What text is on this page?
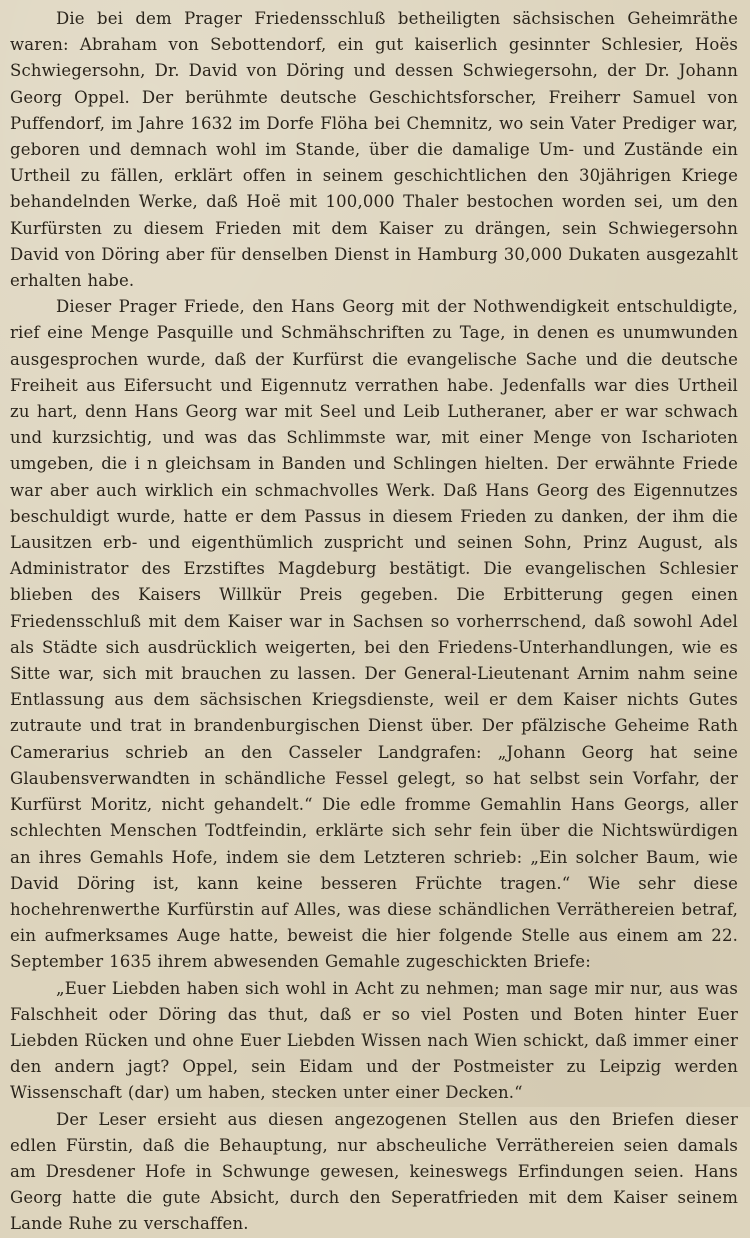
Die bei dem Prager Friedensschluß betheiligten sächsischen Geheimräthe waren: Abraham von Sebottendorf, ein gut kaiserlich gesinnter Schlesier, Hoës Schwiegersohn, Dr. David von Döring und dessen Schwiegersohn, der Dr. Johann Georg Oppel. Der berühmte deutsche Geschichtsforscher, Freiherr Samuel von Puffendorf, im Jahre 1632 im Dorfe Flöha bei Chemnitz, wo sein Vater Prediger war, geboren und demnach wohl im Stande, über die damalige Um- und Zustände ein Urtheil zu fällen, erklärt offen in seinem geschichtlichen den 30jährigen Kriege behandelnden Werke, daß Hoë mit 100,000 Thaler bestochen worden sei, um den Kurfürsten zu diesem Frieden mit dem Kaiser zu drängen, sein Schwiegersohn David von Döring aber für denselben Dienst in Hamburg 30,000 Dukaten ausgezahlt erhalten habe.

Dieser Prager Friede, den Hans Georg mit der Nothwendigkeit entschuldigte, rief eine Menge Pasquille und Schmähschriften zu Tage, in denen es unumwunden ausgesprochen wurde, daß der Kurfürst die evangelische Sache und die deutsche Freiheit aus Eifersucht und Eigennutz verrathen habe. Jedenfalls war dies Urtheil zu hart, denn Hans Georg war mit Seel und Leib Lutheraner, aber er war schwach und kurzsichtig, und was das Schlimmste war, mit einer Menge von Ischarioten umgeben, die i n gleichsam in Banden und Schlingen hielten. Der erwähnte Friede war aber auch wirklich ein schmachvolles Werk. Daß Hans Georg des Eigennutzes beschuldigt wurde, hatte er dem Passus in diesem Frieden zu danken, der ihm die Lausitzen erb- und eigenthümlich zuspricht und seinen Sohn, Prinz August, als Administrator des Erzstiftes Magdeburg bestätigt. Die evangelischen Schlesier blieben des Kaisers Willkür Preis gegeben. Die Erbitterung gegen einen Friedensschluß mit dem Kaiser war in Sachsen so vorherrschend, daß sowohl Adel als Städte sich ausdrücklich weigerten, bei den Friedens-Unterhandlungen, wie es Sitte war, sich mit brauchen zu lassen. Der General-Lieutenant Arnim nahm seine Entlassung aus dem sächsischen Kriegsdienste, weil er dem Kaiser nichts Gutes zutraute und trat in brandenburgischen Dienst über. Der pfälzische Geheime Rath Camerarius schrieb an den Casseler Landgrafen: „Johann Georg hat seine Glaubensverwandten in schändliche Fessel gelegt, so hat selbst sein Vorfahr, der Kurfürst Moritz, nicht gehandelt.“ Die edle fromme Gemahlin Hans Georgs, aller schlechten Menschen Todtfeindin, erklärte sich sehr fein über die Nichtswürdigen an ihres Gemahls Hofe, indem sie dem Letzteren schrieb: „Ein solcher Baum, wie David Döring ist, kann keine besseren Früchte tragen.“ Wie sehr diese hochehrenwerthe Kurfürstin auf Alles, was diese schändlichen Verräthereien betraf, ein aufmerksames Auge hatte, beweist die hier folgende Stelle aus einem am 22. September 1635 ihrem abwesenden Gemahle zugeschickten Briefe:

„Euer Liebden haben sich wohl in Acht zu nehmen; man sage mir nur, aus was Falschheit oder Döring das thut, daß er so viel Posten und Boten hinter Euer Liebden Rücken und ohne Euer Liebden Wissen nach Wien schickt, daß immer einer den andern jagt? Oppel, sein Eidam und der Postmeister zu Leipzig werden Wissenschaft (dar) um haben, stecken unter einer Decken.“

Der Leser ersieht aus diesen angezogenen Stellen aus den Briefen dieser edlen Fürstin, daß die Behauptung, nur abscheuliche Verräthereien seien damals am Dresdener Hofe in Schwunge gewesen, keineswegs Erfindungen seien. Hans Georg hatte die gute Absicht, durch den Seperatfrieden mit dem Kaiser seinem Lande Ruhe zu verschaffen.
